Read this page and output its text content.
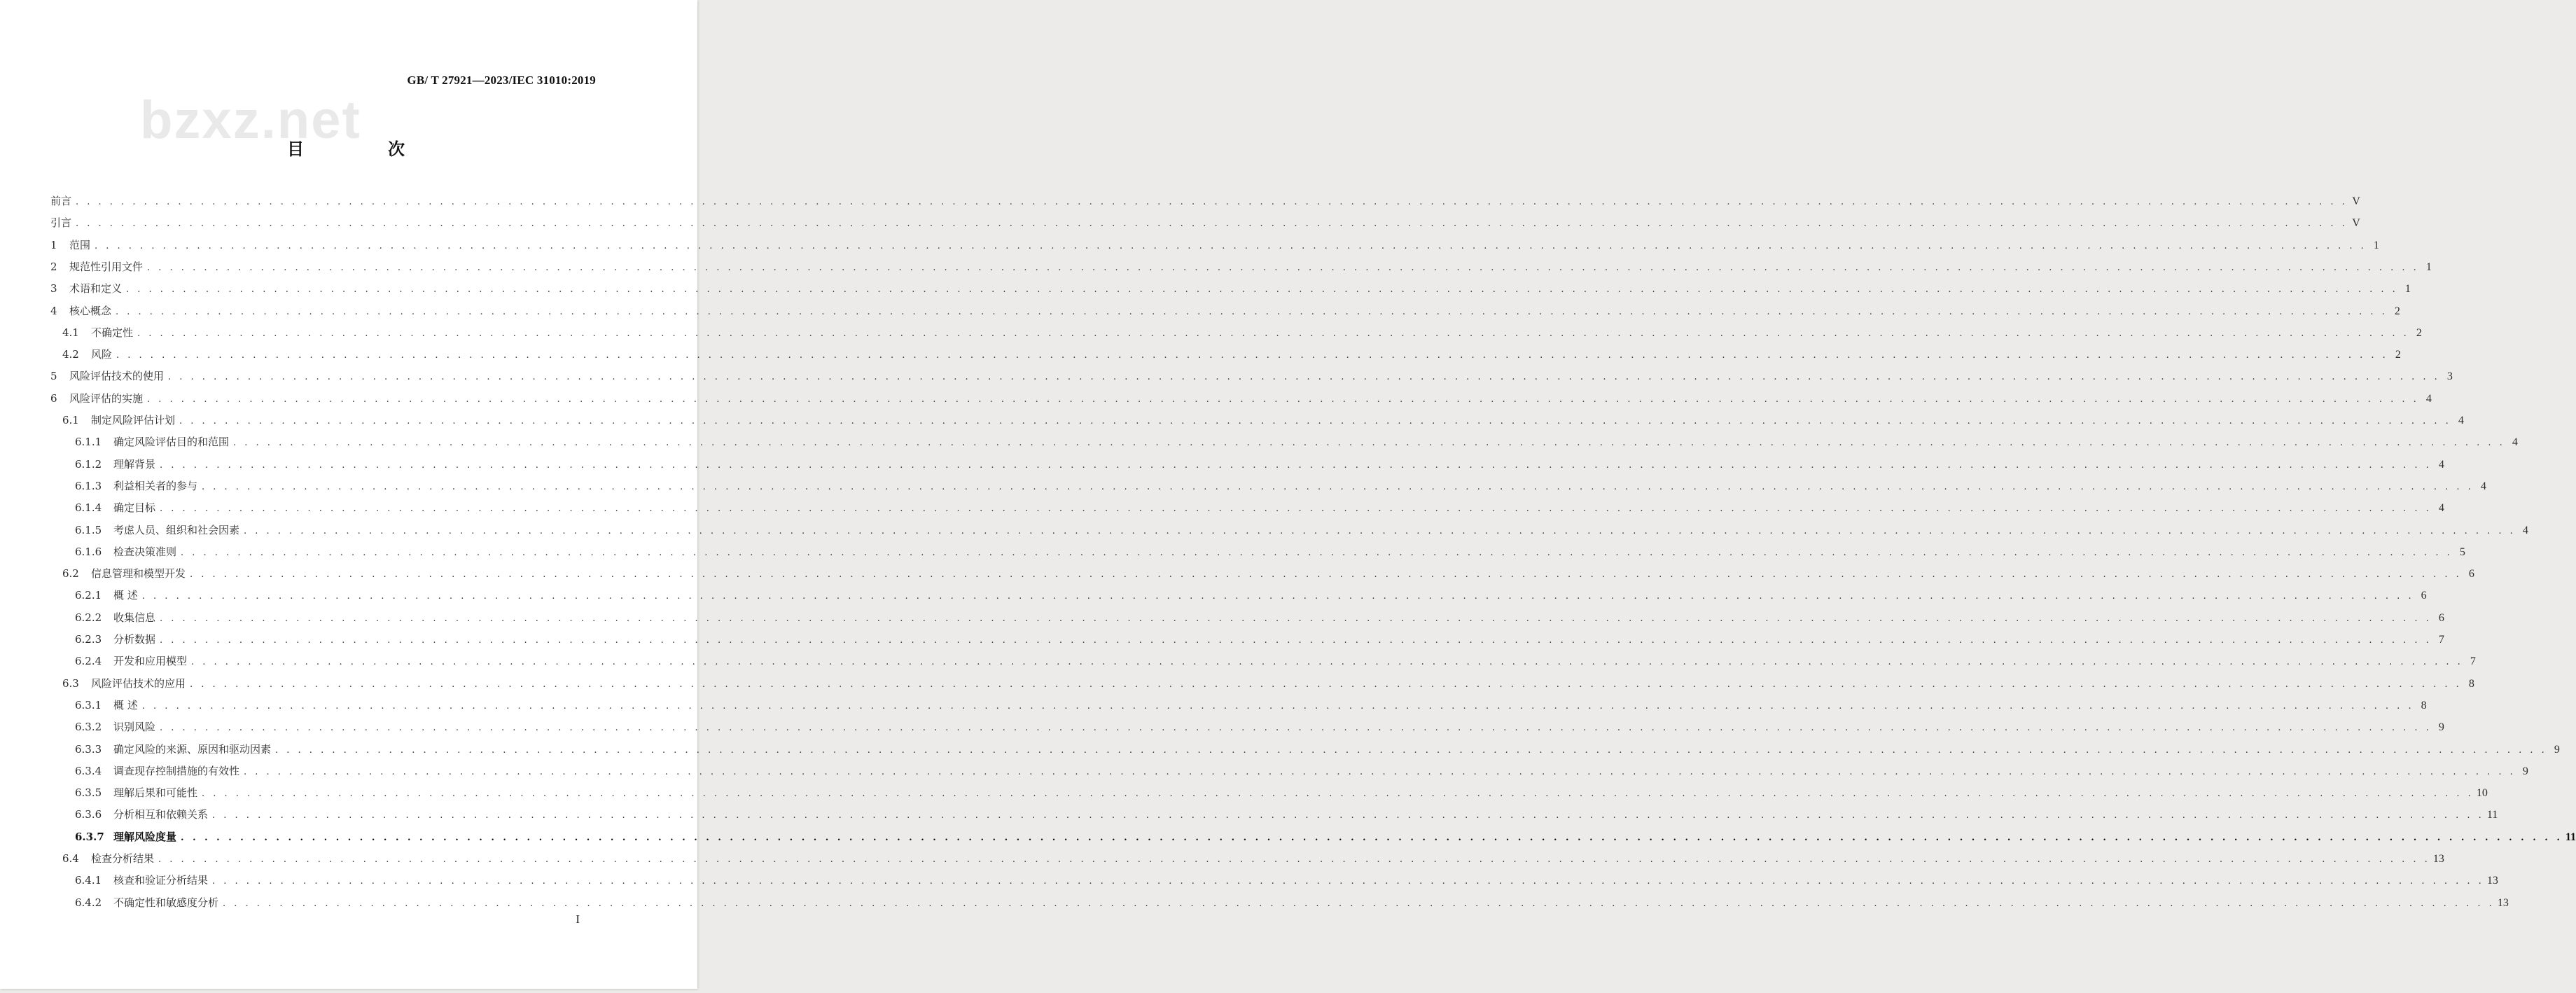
bzxz.net
GB/ T 27921—2023/IEC 31010:2019
目　次
前言 . . . . . . . . . . . . . . . . . . . . . . . . . . . . . . . . . . . . . . . . . . . . . . . . . . . . . . . . . . . . . . . . . . . . . . . . . . . . . . . . . . . . . . . . . . . . . . . . . . . . . . . . . . . . . . . . . . . . . . . . . . . . . . . . . . . . . . . . . . . . . . . . . . . . . . . . . . . . . . . . . . . . . . . . . . . . . . . . . . . . . . . . . . . . . . . . . . . . . . . . V
引言 . . . . . . . . . . . . . . . . . . . . . . . . . . . . . . . . . . . . . . . . . . . . . . . . . . . . . . . . . . . . . . . . . . . . . . . . . . . . . . . . . . . . . . . . . . . . . . . . . . . . . . . . . . . . . . . . . . . . . . . . . . . . . . . . . . . . . . . . . . . . . . . . . . . . . . . . . . . . . . . . . . . . . . . . . . . . . . . . . . . . . . . . . . . . . . . . . . . . . . . . V
1	范围 . . . . . . . . . . . . . . . . . . . . . . . . . . . . . . . . . . . . . . . . . . . . . . . . . . . . . . . . . . . . . . . . . . . . . . . . . . . . . . . . . . . . . . . . . . . . . . . . . . . . . . . . . . . . . . . . . . . . . . . . . . . . . . . . . . . . . . . . . . . . . . . . . . . . . . . . . . . . . . . . . . . . . . . . . . . . . . . . . . . . . . . . . . . . . . . . . . . . . . . . 1
2	规范性引用文件 . . . . . . . . . . . . . . . . . . . . . . . . . . . . . . . . . . . . . . . . . . . . . . . . . . . . . . . . . . . . . . . . . . . . . . . . . . . . . . . . . . . . . . . . . . . . . . . . . . . . . . . . . . . . . . . . . . . . . . . . . . . . . . . . . . . . . . . . . . . . . . . . . . . . . . . . . . . . . . . . . . . . . . . . . . . . . . . . . . . . . . . . . . . . . . . . . . . . . . . . 1
3	术语和定义 . . . . . . . . . . . . . . . . . . . . . . . . . . . . . . . . . . . . . . . . . . . . . . . . . . . . . . . . . . . . . . . . . . . . . . . . . . . . . . . . . . . . . . . . . . . . . . . . . . . . . . . . . . . . . . . . . . . . . . . . . . . . . . . . . . . . . . . . . . . . . . . . . . . . . . . . . . . . . . . . . . . . . . . . . . . . . . . . . . . . . . . . . . . . . . . . . . . . . . . . 1
4	核心概念 . . . . . . . . . . . . . . . . . . . . . . . . . . . . . . . . . . . . . . . . . . . . . . . . . . . . . . . . . . . . . . . . . . . . . . . . . . . . . . . . . . . . . . . . . . . . . . . . . . . . . . . . . . . . . . . . . . . . . . . . . . . . . . . . . . . . . . . . . . . . . . . . . . . . . . . . . . . . . . . . . . . . . . . . . . . . . . . . . . . . . . . . . . . . . . . . . . . . . . . . 2
4.1	不确定性 . . . . . . . . . . . . . . . . . . . . . . . . . . . . . . . . . . . . . . . . . . . . . . . . . . . . . . . . . . . . . . . . . . . . . . . . . . . . . . . . . . . . . . . . . . . . . . . . . . . . . . . . . . . . . . . . . . . . . . . . . . . . . . . . . . . . . . . . . . . . . . . . . . . . . . . . . . . . . . . . . . . . . . . . . . . . . . . . . . . . . . . . . . . . . . . . . . . . . . . . 2
4.2	风险 . . . . . . . . . . . . . . . . . . . . . . . . . . . . . . . . . . . . . . . . . . . . . . . . . . . . . . . . . . . . . . . . . . . . . . . . . . . . . . . . . . . . . . . . . . . . . . . . . . . . . . . . . . . . . . . . . . . . . . . . . . . . . . . . . . . . . . . . . . . . . . . . . . . . . . . . . . . . . . . . . . . . . . . . . . . . . . . . . . . . . . . . . . . . . . . . . . . . . . . . 2
5	风险评估技术的使用 . . . . . . . . . . . . . . . . . . . . . . . . . . . . . . . . . . . . . . . . . . . . . . . . . . . . . . . . . . . . . . . . . . . . . . . . . . . . . . . . . . . . . . . . . . . . . . . . . . . . . . . . . . . . . . . . . . . . . . . . . . . . . . . . . . . . . . . . . . . . . . . . . . . . . . . . . . . . . . . . . . . . . . . . . . . . . . . . . . . . . . . . . . . . . . . . . . . . . . . . 3
6	风险评估的实施 . . . . . . . . . . . . . . . . . . . . . . . . . . . . . . . . . . . . . . . . . . . . . . . . . . . . . . . . . . . . . . . . . . . . . . . . . . . . . . . . . . . . . . . . . . . . . . . . . . . . . . . . . . . . . . . . . . . . . . . . . . . . . . . . . . . . . . . . . . . . . . . . . . . . . . . . . . . . . . . . . . . . . . . . . . . . . . . . . . . . . . . . . . . . . . . . . . . . . . . . 4
6.1	制定风险评估计划 . . . . . . . . . . . . . . . . . . . . . . . . . . . . . . . . . . . . . . . . . . . . . . . . . . . . . . . . . . . . . . . . . . . . . . . . . . . . . . . . . . . . . . . . . . . . . . . . . . . . . . . . . . . . . . . . . . . . . . . . . . . . . . . . . . . . . . . . . . . . . . . . . . . . . . . . . . . . . . . . . . . . . . . . . . . . . . . . . . . . . . . . . . . . . . . . . . . . . . . . 4
6.1.1	确定风险评估目的和范围 . . . . . . . . . . . . . . . . . . . . . . . . . . . . . . . . . . . . . . . . . . . . . . . . . . . . . . . . . . . . . . . . . . . . . . . . . . . . . . . . . . . . . . . . . . . . . . . . . . . . . . . . . . . . . . . . . . . . . . . . . . . . . . . . . . . . . . . . . . . . . . . . . . . . . . . . . . . . . . . . . . . . . . . . . . . . . . . . . . . . . . . . . . . . . . . . . . . . . . . . 4
6.1.2	理解背景 . . . . . . . . . . . . . . . . . . . . . . . . . . . . . . . . . . . . . . . . . . . . . . . . . . . . . . . . . . . . . . . . . . . . . . . . . . . . . . . . . . . . . . . . . . . . . . . . . . . . . . . . . . . . . . . . . . . . . . . . . . . . . . . . . . . . . . . . . . . . . . . . . . . . . . . . . . . . . . . . . . . . . . . . . . . . . . . . . . . . . . . . . . . . . . . . . . . . . . . . 4
6.1.3	利益相关者的参与 . . . . . . . . . . . . . . . . . . . . . . . . . . . . . . . . . . . . . . . . . . . . . . . . . . . . . . . . . . . . . . . . . . . . . . . . . . . . . . . . . . . . . . . . . . . . . . . . . . . . . . . . . . . . . . . . . . . . . . . . . . . . . . . . . . . . . . . . . . . . . . . . . . . . . . . . . . . . . . . . . . . . . . . . . . . . . . . . . . . . . . . . . . . . . . . . . . . . . . . . 4
6.1.4	确定目标 . . . . . . . . . . . . . . . . . . . . . . . . . . . . . . . . . . . . . . . . . . . . . . . . . . . . . . . . . . . . . . . . . . . . . . . . . . . . . . . . . . . . . . . . . . . . . . . . . . . . . . . . . . . . . . . . . . . . . . . . . . . . . . . . . . . . . . . . . . . . . . . . . . . . . . . . . . . . . . . . . . . . . . . . . . . . . . . . . . . . . . . . . . . . . . . . . . . . . . . . 4
6.1.5	考虑人员、组织和社会因素 . . . . . . . . . . . . . . . . . . . . . . . . . . . . . . . . . . . . . . . . . . . . . . . . . . . . . . . . . . . . . . . . . . . . . . . . . . . . . . . . . . . . . . . . . . . . . . . . . . . . . . . . . . . . . . . . . . . . . . . . . . . . . . . . . . . . . . . . . . . . . . . . . . . . . . . . . . . . . . . . . . . . . . . . . . . . . . . . . . . . . . . . . . . . . . . . . . . . . . . . 4
6.1.6	检查决策准则 . . . . . . . . . . . . . . . . . . . . . . . . . . . . . . . . . . . . . . . . . . . . . . . . . . . . . . . . . . . . . . . . . . . . . . . . . . . . . . . . . . . . . . . . . . . . . . . . . . . . . . . . . . . . . . . . . . . . . . . . . . . . . . . . . . . . . . . . . . . . . . . . . . . . . . . . . . . . . . . . . . . . . . . . . . . . . . . . . . . . . . . . . . . . . . . . . . . . . . . . 5
6.2	信息管理和模型开发 . . . . . . . . . . . . . . . . . . . . . . . . . . . . . . . . . . . . . . . . . . . . . . . . . . . . . . . . . . . . . . . . . . . . . . . . . . . . . . . . . . . . . . . . . . . . . . . . . . . . . . . . . . . . . . . . . . . . . . . . . . . . . . . . . . . . . . . . . . . . . . . . . . . . . . . . . . . . . . . . . . . . . . . . . . . . . . . . . . . . . . . . . . . . . . . . . . . . . . . . 6
6.2.1	概 述 . . . . . . . . . . . . . . . . . . . . . . . . . . . . . . . . . . . . . . . . . . . . . . . . . . . . . . . . . . . . . . . . . . . . . . . . . . . . . . . . . . . . . . . . . . . . . . . . . . . . . . . . . . . . . . . . . . . . . . . . . . . . . . . . . . . . . . . . . . . . . . . . . . . . . . . . . . . . . . . . . . . . . . . . . . . . . . . . . . . . . . . . . . . . . . . . . . . . . . . . 6
6.2.2	收集信息 . . . . . . . . . . . . . . . . . . . . . . . . . . . . . . . . . . . . . . . . . . . . . . . . . . . . . . . . . . . . . . . . . . . . . . . . . . . . . . . . . . . . . . . . . . . . . . . . . . . . . . . . . . . . . . . . . . . . . . . . . . . . . . . . . . . . . . . . . . . . . . . . . . . . . . . . . . . . . . . . . . . . . . . . . . . . . . . . . . . . . . . . . . . . . . . . . . . . . . . . 6
6.2.3	分析数据 . . . . . . . . . . . . . . . . . . . . . . . . . . . . . . . . . . . . . . . . . . . . . . . . . . . . . . . . . . . . . . . . . . . . . . . . . . . . . . . . . . . . . . . . . . . . . . . . . . . . . . . . . . . . . . . . . . . . . . . . . . . . . . . . . . . . . . . . . . . . . . . . . . . . . . . . . . . . . . . . . . . . . . . . . . . . . . . . . . . . . . . . . . . . . . . . . . . . . . . . 7
6.2.4	开发和应用模型 . . . . . . . . . . . . . . . . . . . . . . . . . . . . . . . . . . . . . . . . . . . . . . . . . . . . . . . . . . . . . . . . . . . . . . . . . . . . . . . . . . . . . . . . . . . . . . . . . . . . . . . . . . . . . . . . . . . . . . . . . . . . . . . . . . . . . . . . . . . . . . . . . . . . . . . . . . . . . . . . . . . . . . . . . . . . . . . . . . . . . . . . . . . . . . . . . . . . . . . . 7
6.3	风险评估技术的应用 . . . . . . . . . . . . . . . . . . . . . . . . . . . . . . . . . . . . . . . . . . . . . . . . . . . . . . . . . . . . . . . . . . . . . . . . . . . . . . . . . . . . . . . . . . . . . . . . . . . . . . . . . . . . . . . . . . . . . . . . . . . . . . . . . . . . . . . . . . . . . . . . . . . . . . . . . . . . . . . . . . . . . . . . . . . . . . . . . . . . . . . . . . . . . . . . . . . . . . . . 8
6.3.1	概 述 . . . . . . . . . . . . . . . . . . . . . . . . . . . . . . . . . . . . . . . . . . . . . . . . . . . . . . . . . . . . . . . . . . . . . . . . . . . . . . . . . . . . . . . . . . . . . . . . . . . . . . . . . . . . . . . . . . . . . . . . . . . . . . . . . . . . . . . . . . . . . . . . . . . . . . . . . . . . . . . . . . . . . . . . . . . . . . . . . . . . . . . . . . . . . . . . . . . . . . . . 8
6.3.2	识别风险 . . . . . . . . . . . . . . . . . . . . . . . . . . . . . . . . . . . . . . . . . . . . . . . . . . . . . . . . . . . . . . . . . . . . . . . . . . . . . . . . . . . . . . . . . . . . . . . . . . . . . . . . . . . . . . . . . . . . . . . . . . . . . . . . . . . . . . . . . . . . . . . . . . . . . . . . . . . . . . . . . . . . . . . . . . . . . . . . . . . . . . . . . . . . . . . . . . . . . . . . 9
6.3.3	确定风险的来源、原因和驱动因素 . . . . . . . . . . . . . . . . . . . . . . . . . . . . . . . . . . . . . . . . . . . . . . . . . . . . . . . . . . . . . . . . . . . . . . . . . . . . . . . . . . . . . . . . . . . . . . . . . . . . . . . . . . . . . . . . . . . . . . . . . . . . . . . . . . . . . . . . . . . . . . . . . . . . . . . . . . . . . . . . . . . . . . . . . . . . . . . . . . . . . . . . . . . . . . . . . . . . . . . . 9
6.3.4	调查现存控制措施的有效性 . . . . . . . . . . . . . . . . . . . . . . . . . . . . . . . . . . . . . . . . . . . . . . . . . . . . . . . . . . . . . . . . . . . . . . . . . . . . . . . . . . . . . . . . . . . . . . . . . . . . . . . . . . . . . . . . . . . . . . . . . . . . . . . . . . . . . . . . . . . . . . . . . . . . . . . . . . . . . . . . . . . . . . . . . . . . . . . . . . . . . . . . . . . . . . . . . . . . . . . . 9
6.3.5	理解后果和可能性 . . . . . . . . . . . . . . . . . . . . . . . . . . . . . . . . . . . . . . . . . . . . . . . . . . . . . . . . . . . . . . . . . . . . . . . . . . . . . . . . . . . . . . . . . . . . . . . . . . . . . . . . . . . . . . . . . . . . . . . . . . . . . . . . . . . . . . . . . . . . . . . . . . . . . . . . . . . . . . . . . . . . . . . . . . . . . . . . . . . . . . . . . . . . . . . . . . . . . . . . 10
6.3.6	分析相互和依赖关系 . . . . . . . . . . . . . . . . . . . . . . . . . . . . . . . . . . . . . . . . . . . . . . . . . . . . . . . . . . . . . . . . . . . . . . . . . . . . . . . . . . . . . . . . . . . . . . . . . . . . . . . . . . . . . . . . . . . . . . . . . . . . . . . . . . . . . . . . . . . . . . . . . . . . . . . . . . . . . . . . . . . . . . . . . . . . . . . . . . . . . . . . . . . . . . . . . . . . . . . . 11
6.3.7 理解风险度量 . . . . . . . . . . . . . . . . . . . . . . . . . . . . . . . . . . . . . . . . . . . . . . . . . . . . . . . . . . . . . . . . . . . . . . . . . . . . . . . . . . . . . . . . . . . . . . . . . . . . . . . . . . . . . . . . . . . . . . . . . . . . . . . . . . . . . . . . . . . . . . . . . . . . . . . . . . . . . . . . . . . . . . . . . . . . . . . . . . . . . . . . . . . . . . . . . . . . . . . . 11
6.4	检查分析结果 . . . . . . . . . . . . . . . . . . . . . . . . . . . . . . . . . . . . . . . . . . . . . . . . . . . . . . . . . . . . . . . . . . . . . . . . . . . . . . . . . . . . . . . . . . . . . . . . . . . . . . . . . . . . . . . . . . . . . . . . . . . . . . . . . . . . . . . . . . . . . . . . . . . . . . . . . . . . . . . . . . . . . . . . . . . . . . . . . . . . . . . . . . . . . . . . . . . . . . . . 13
6.4.1	核查和验证分析结果 . . . . . . . . . . . . . . . . . . . . . . . . . . . . . . . . . . . . . . . . . . . . . . . . . . . . . . . . . . . . . . . . . . . . . . . . . . . . . . . . . . . . . . . . . . . . . . . . . . . . . . . . . . . . . . . . . . . . . . . . . . . . . . . . . . . . . . . . . . . . . . . . . . . . . . . . . . . . . . . . . . . . . . . . . . . . . . . . . . . . . . . . . . . . . . . . . . . . . . . . 13
6.4.2	不确定性和敏感度分析 . . . . . . . . . . . . . . . . . . . . . . . . . . . . . . . . . . . . . . . . . . . . . . . . . . . . . . . . . . . . . . . . . . . . . . . . . . . . . . . . . . . . . . . . . . . . . . . . . . . . . . . . . . . . . . . . . . . . . . . . . . . . . . . . . . . . . . . . . . . . . . . . . . . . . . . . . . . . . . . . . . . . . . . . . . . . . . . . . . . . . . . . . . . . . . . . . . . . . . . . 13
I
